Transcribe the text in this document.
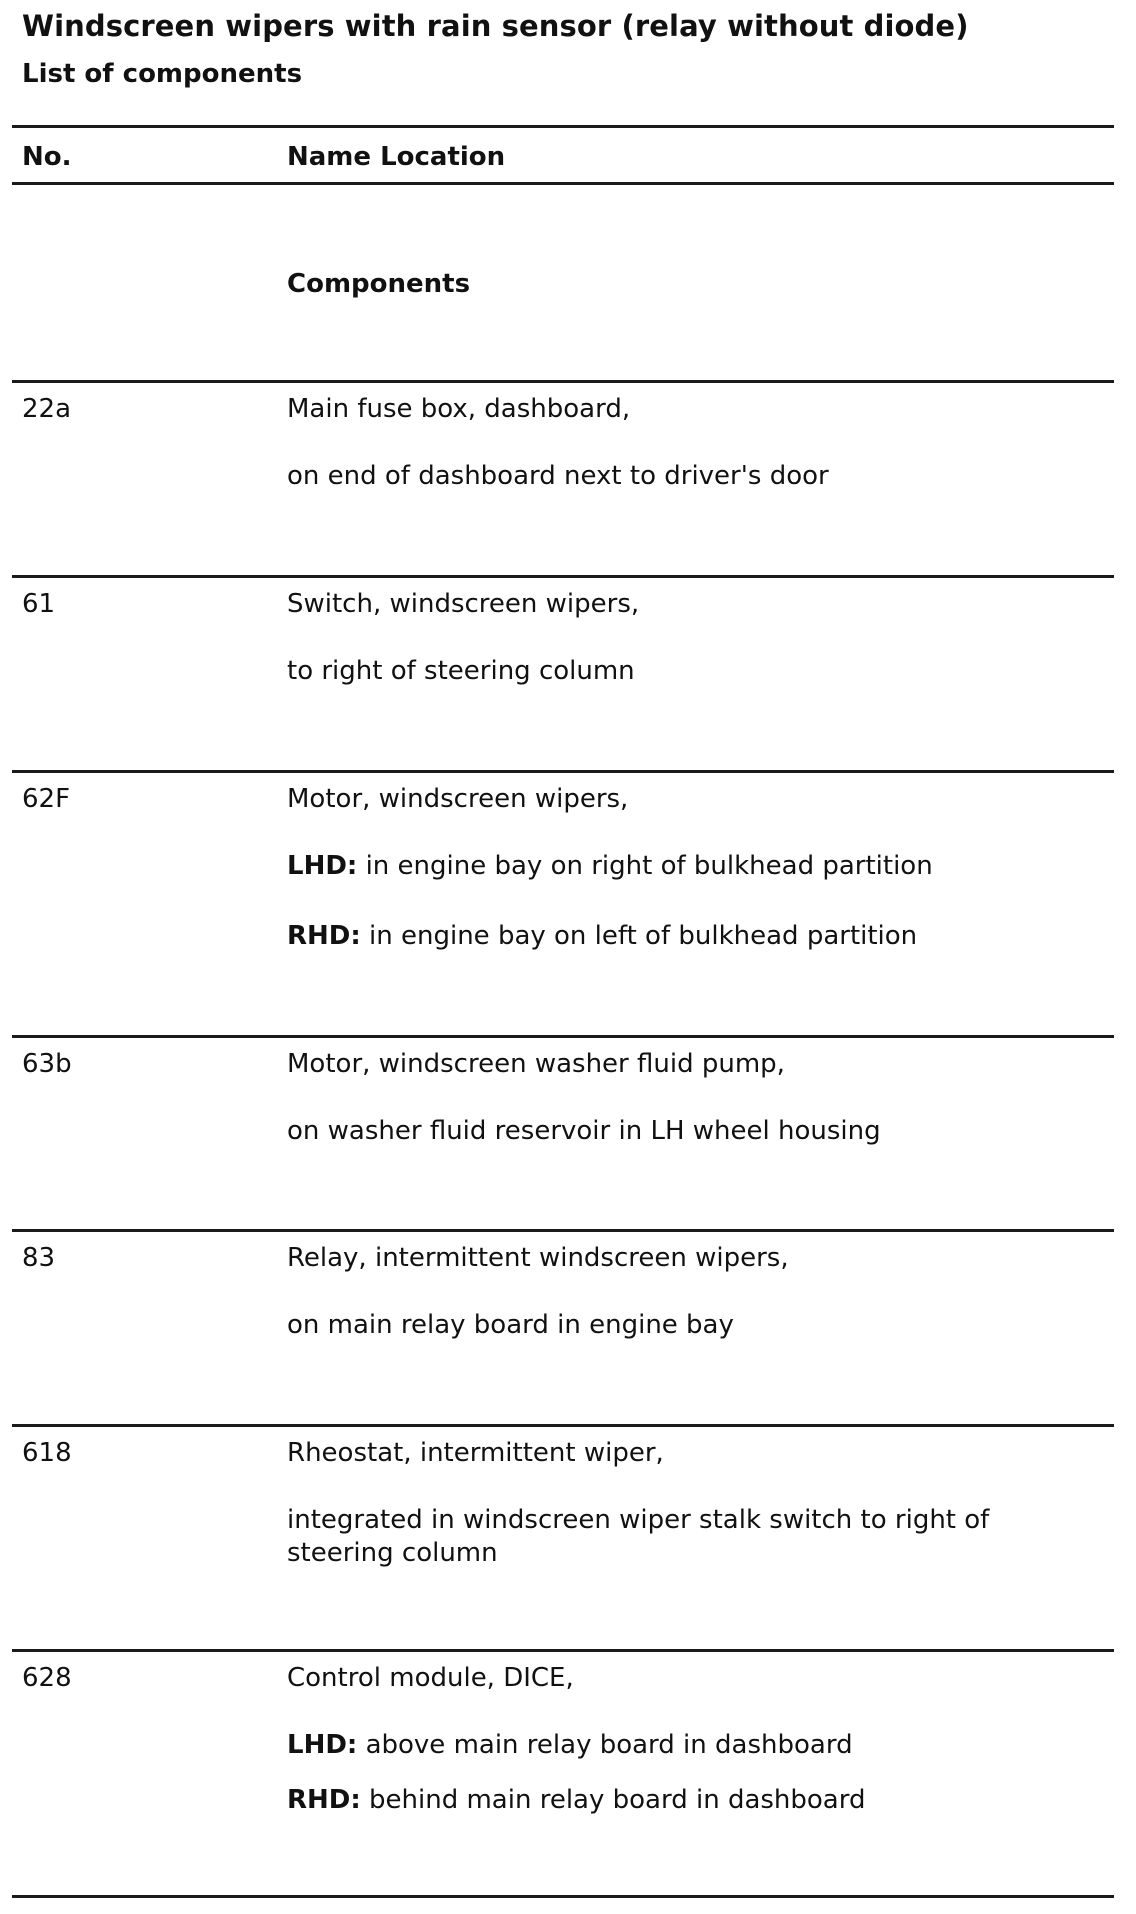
Windscreen wipers with rain sensor (relay without diode)
List of components
No.	Name Location
Components
22a	Main fuse box, dashboard,
on end of dashboard next to driver's door
61	Switch, windscreen wipers,
to right of steering column
62F	Motor, windscreen wipers,
LHD: in engine bay on right of bulkhead partition
RHD: in engine bay on left of bulkhead partition
63b	Motor, windscreen washer fluid pump,
on washer fluid reservoir in LH wheel housing
83	Relay, intermittent windscreen wipers,
on main relay board in engine bay
618	Rheostat, intermittent wiper,
integrated in windscreen wiper stalk switch to right of steering column
628	Control module, DICE,
LHD: above main relay board in dashboard
RHD: behind main relay board in dashboard
